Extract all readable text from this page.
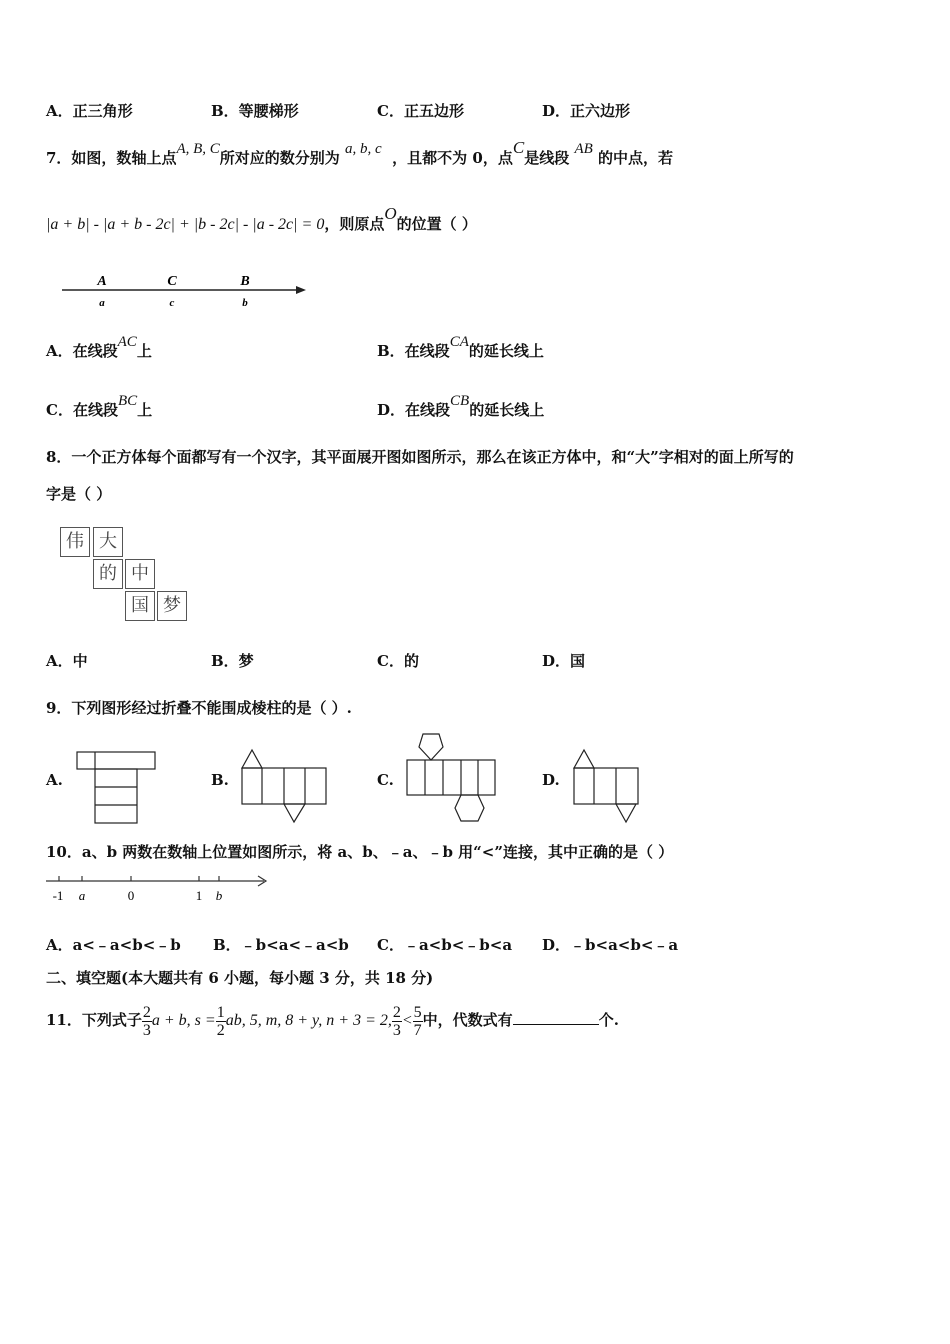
A．正三角形	B．等腰梯形	C．正五边形	D．正六边形
7．如图，数轴上点A, B, C所对应的数分别为 a, b, c ，且都不为 0，点C是线段 AB 的中点，若
|a + b| - |a + b - 2c| + |b - 2c| - |a - 2c| = 0，则原点O的位置（ ）
A	C	B
a	c	b
A．在线段AC上	B．在线段CA的延长线上
C．在线段BC上	D．在线段CB的延长线上
8．一个正方体每个面都写有一个汉字，其平面展开图如图所示，那么在该正方体中，和“大”字相对的面上所写的
字是（ ）
伟 大
的 中
国 梦
A．中	B．梦	C．的	D．国
9．下列图形经过折叠不能围成棱柱的是（ ）.
A.	B.	C.	D.
10．a、b 两数在数轴上位置如图所示，将 a、b、﹣a、﹣b 用“<”连接，其中正确的是（ ）
-1 a	0	1 b
A．a<﹣a<b<﹣b B．﹣b<a<﹣a<b C．﹣a<b<﹣b<a D．﹣b<a<b<﹣a
二、填空题(本大题共有 6 小题，每小题 3 分，共 18 分)
11．下列式子 $\frac{2}{3}$ a + b, $s = \frac{1}{2}$ ab, 5, m, 8 + y, n + 3 = 2, $\frac{2}{3} < \frac{5}{7}$ 中，代数式有	个.
